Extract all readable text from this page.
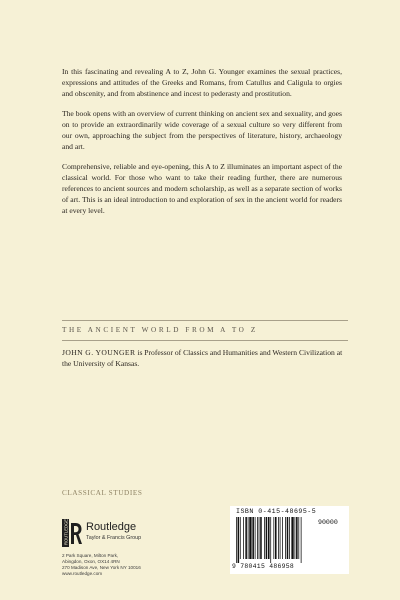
In this fascinating and revealing A to Z, John G. Younger examines the sexual practices, expressions and attitudes of the Greeks and Romans, from Catullus and Caligula to orgies and obscenity, and from abstinence and incest to pederasty and prostitution.

The book opens with an overview of current thinking on ancient sex and sexuality, and goes on to provide an extraordinarily wide coverage of a sexual culture so very different from our own, approaching the subject from the perspectives of literature, history, archaeology and art.

Comprehensive, reliable and eye-opening, this A to Z illuminates an important aspect of the classical world. For those who want to take their reading further, there are numerous references to ancient sources and modern scholarship, as well as a separate section of works of art. This is an ideal introduction to and exploration of sex in the ancient world for readers at every level.

THE ANCIENT WORLD FROM A TO Z

JOHN G. YOUNGER is Professor of Classics and Humanities and Western Civilization at the University of Kansas.

CLASSICAL STUDIES
ROUTLEDGE Routledge
Taylor & Francis Group
2 Park Square, Milton Park,
Abingdon, Oxon, OX14 4RN
270 Madison Ave, New York NY 10016
www.routledge.com
ISBN 0-415-48695-5
90000
9 780415 486958
